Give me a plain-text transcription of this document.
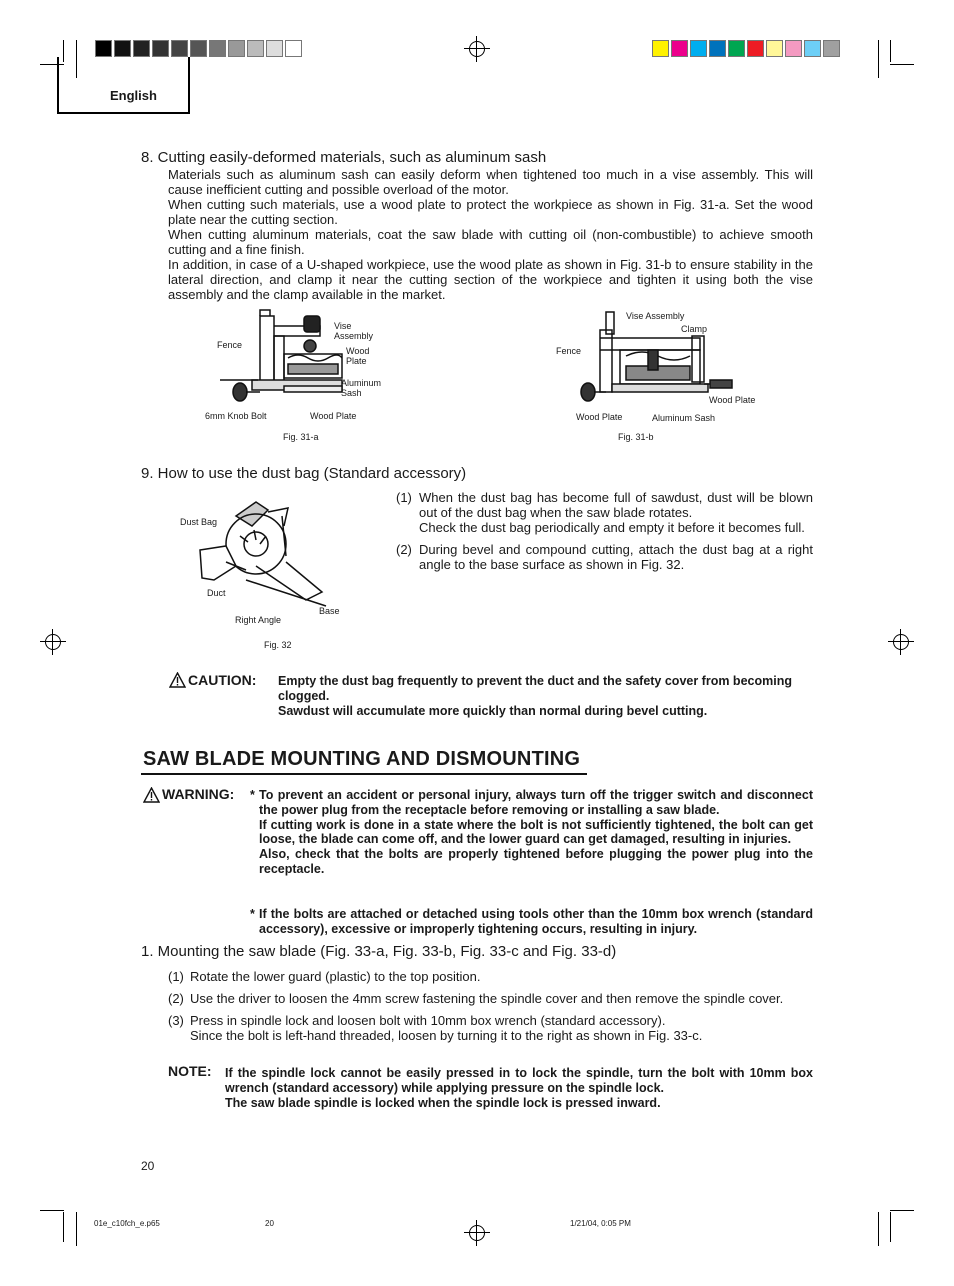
English
8. Cutting easily-deformed materials, such as aluminum sash

Materials such as aluminum sash can easily deform when tightened too much in a vise assembly. This will cause inefficient cutting and possible overload of the motor.

When cutting such materials, use a wood plate to protect the workpiece as shown in Fig. 31-a. Set the wood plate near the cutting section.

When cutting aluminum materials, coat the saw blade with cutting oil (non-combustible) to achieve smooth cutting and a fine finish.

In addition, in case of a U-shaped workpiece, use the wood plate as shown in Fig. 31-b to ensure stability in the lateral direction, and clamp it near the cutting section of the workpiece and tighten it using both the vise assembly and the clamp available in the market.

Fence
Vise
Assembly
Wood
Plate
Aluminum
Sash
6mm Knob Bolt	Wood Plate
Fig. 31-a
Vise Assembly
Clamp
Fence
Wood Plate
Wood Plate	Aluminum Sash
Fig. 31-b
9. How to use the dust bag (Standard accessory)
Dust Bag
Duct
Base
Right Angle
Fig. 32
(1) When the dust bag has become full of sawdust, dust will be blown out of the dust bag when the saw blade rotates.

Check the dust bag periodically and empty it before it becomes full.

(2) During bevel and compound cutting, attach the dust bag at a right angle to the base surface as shown in Fig. 32.

CAUTION: Empty the dust bag frequently to prevent the duct and the safety cover from becoming
clogged.
Sawdust will accumulate more quickly than normal during bevel cutting.
SAW BLADE MOUNTING AND DISMOUNTING
WARNING: * To prevent an accident or personal injury, always turn off the trigger switch and disconnect the power plug from the receptacle before removing or installing a saw blade.
If cutting work is done in a state where the bolt is not sufficiently tightened, the bolt can get loose, the blade can come off, and the lower guard can get damaged, resulting in injuries.
Also, check that the bolts are properly tightened before plugging the power plug into the receptacle.
* If the bolts are attached or detached using tools other than the 10mm box wrench (standard accessory), excessive or improperly tightening occurs, resulting in injury.
1. Mounting the saw blade (Fig. 33-a, Fig. 33-b, Fig. 33-c and Fig. 33-d)
(1) Rotate the lower guard (plastic) to the top position.

(2) Use the driver to loosen the 4mm screw fastening the spindle cover and then remove the spindle cover.

(3) Press in spindle lock and loosen bolt with 10mm box wrench (standard accessory).

Since the bolt is left-hand threaded, loosen by turning it to the right as shown in Fig. 33-c.

NOTE: If the spindle lock cannot be easily pressed in to lock the spindle, turn the bolt with 10mm box wrench (standard accessory) while applying pressure on the spindle lock.
The saw blade spindle is locked when the spindle lock is pressed inward.
20
01e_c10fch_e.p65	20	1/21/04, 0:05 PM
